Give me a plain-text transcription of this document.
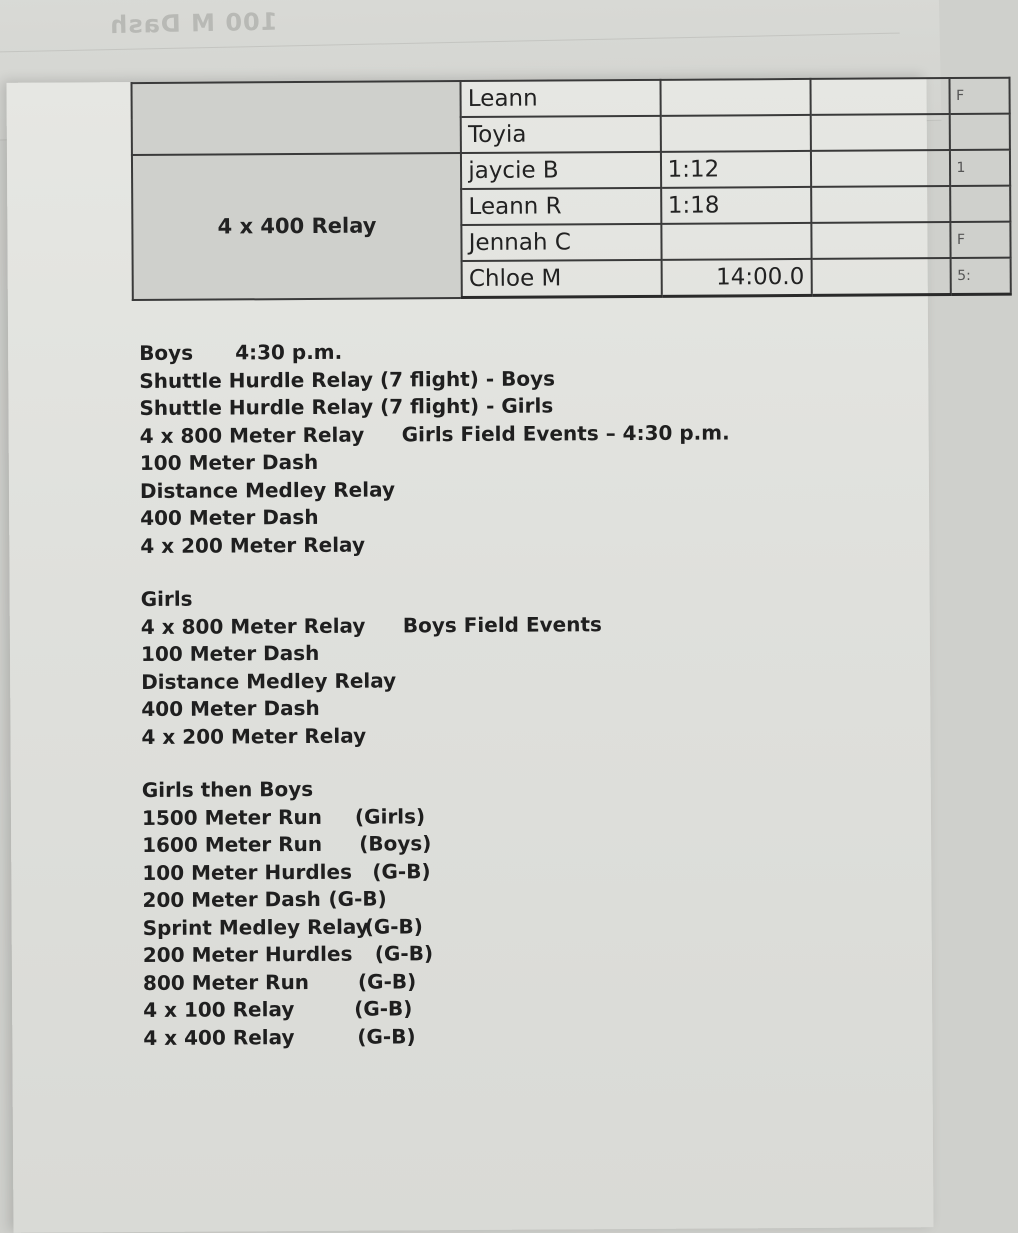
100 M Dash
	Leann			F
	Toyia			
4 x 400 Relay	jaycie B	1:12		1
	Leann R	1:18		
	Jennah C			F
	Chloe M	14:00.0		5:
Boys 4:30 p.m.
Shuttle Hurdle Relay (7 flight) - Boys
Shuttle Hurdle Relay (7 flight) - Girls
4 x 800 Meter Relay Girls Field Events – 4:30 p.m.
100 Meter Dash
Distance Medley Relay
400 Meter Dash
4 x 200 Meter Relay
Girls
4 x 800 Meter Relay Boys Field Events
100 Meter Dash
Distance Medley Relay
400 Meter Dash
4 x 200 Meter Relay
Girls then Boys
1500 Meter Run (Girls)
1600 Meter Run (Boys)
100 Meter Hurdles (G-B)
200 Meter Dash (G-B)
Sprint Medley Relay(G-B)
200 Meter Hurdles (G-B)
800 Meter Run (G-B)
4 x 100 Relay	(G-B)
4 x 400 Relay	(G-B)
